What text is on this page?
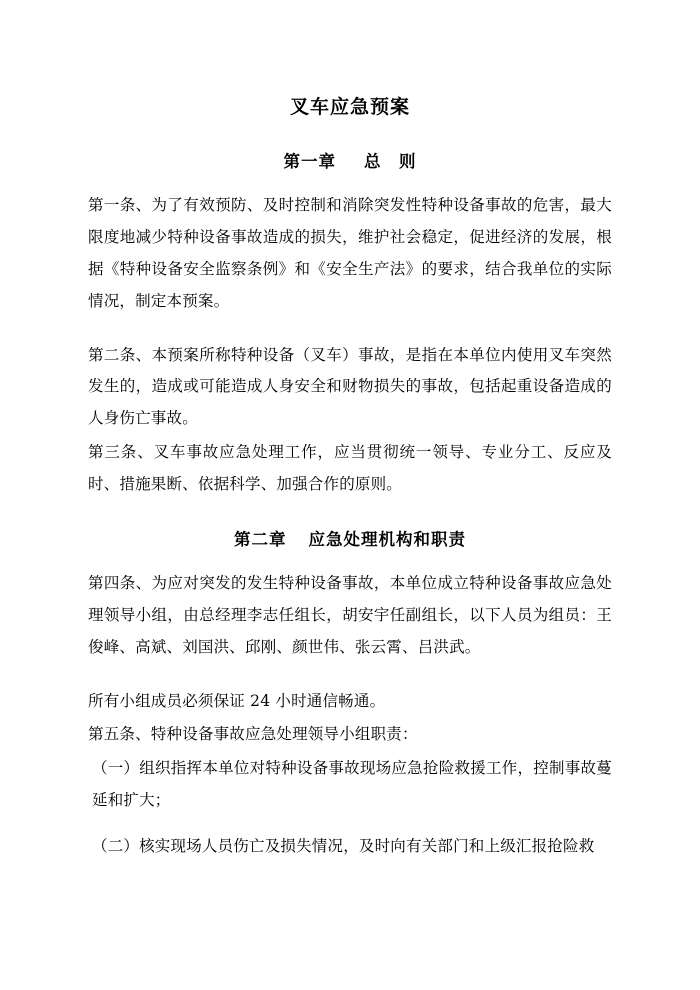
叉车应急预案
第一章 总　则

第一条、为了有效预防、及时控制和消除突发性特种设备事故的危害，最大限度地减少特种设备事故造成的损失，维护社会稳定，促进经济的发展，根据《特种设备安全监察条例》和《安全生产法》的要求，结合我单位的实际情况，制定本预案。

第二条、本预案所称特种设备（叉车）事故，是指在本单位内使用叉车突然发生的，造成或可能造成人身安全和财物损失的事故，包括起重设备造成的人身伤亡事故。

第三条、叉车事故应急处理工作，应当贯彻统一领导、专业分工、反应及时、措施果断、依据科学、加强合作的原则。

第二章 应急处理机构和职责

第四条、为应对突发的发生特种设备事故，本单位成立特种设备事故应急处理领导小组，由总经理李志任组长，胡安宇任副组长，以下人员为组员：王俊峰、高斌、刘国洪、邱刚、颜世伟、张云霄、吕洪武。

所有小组成员必须保证 24 小时通信畅通。

第五条、特种设备事故应急处理领导小组职责：

（一）组织指挥本单位对特种设备事故现场应急抢险救援工作，控制事故蔓延和扩大；

（二）核实现场人员伤亡及损失情况，及时向有关部门和上级汇报抢险救
